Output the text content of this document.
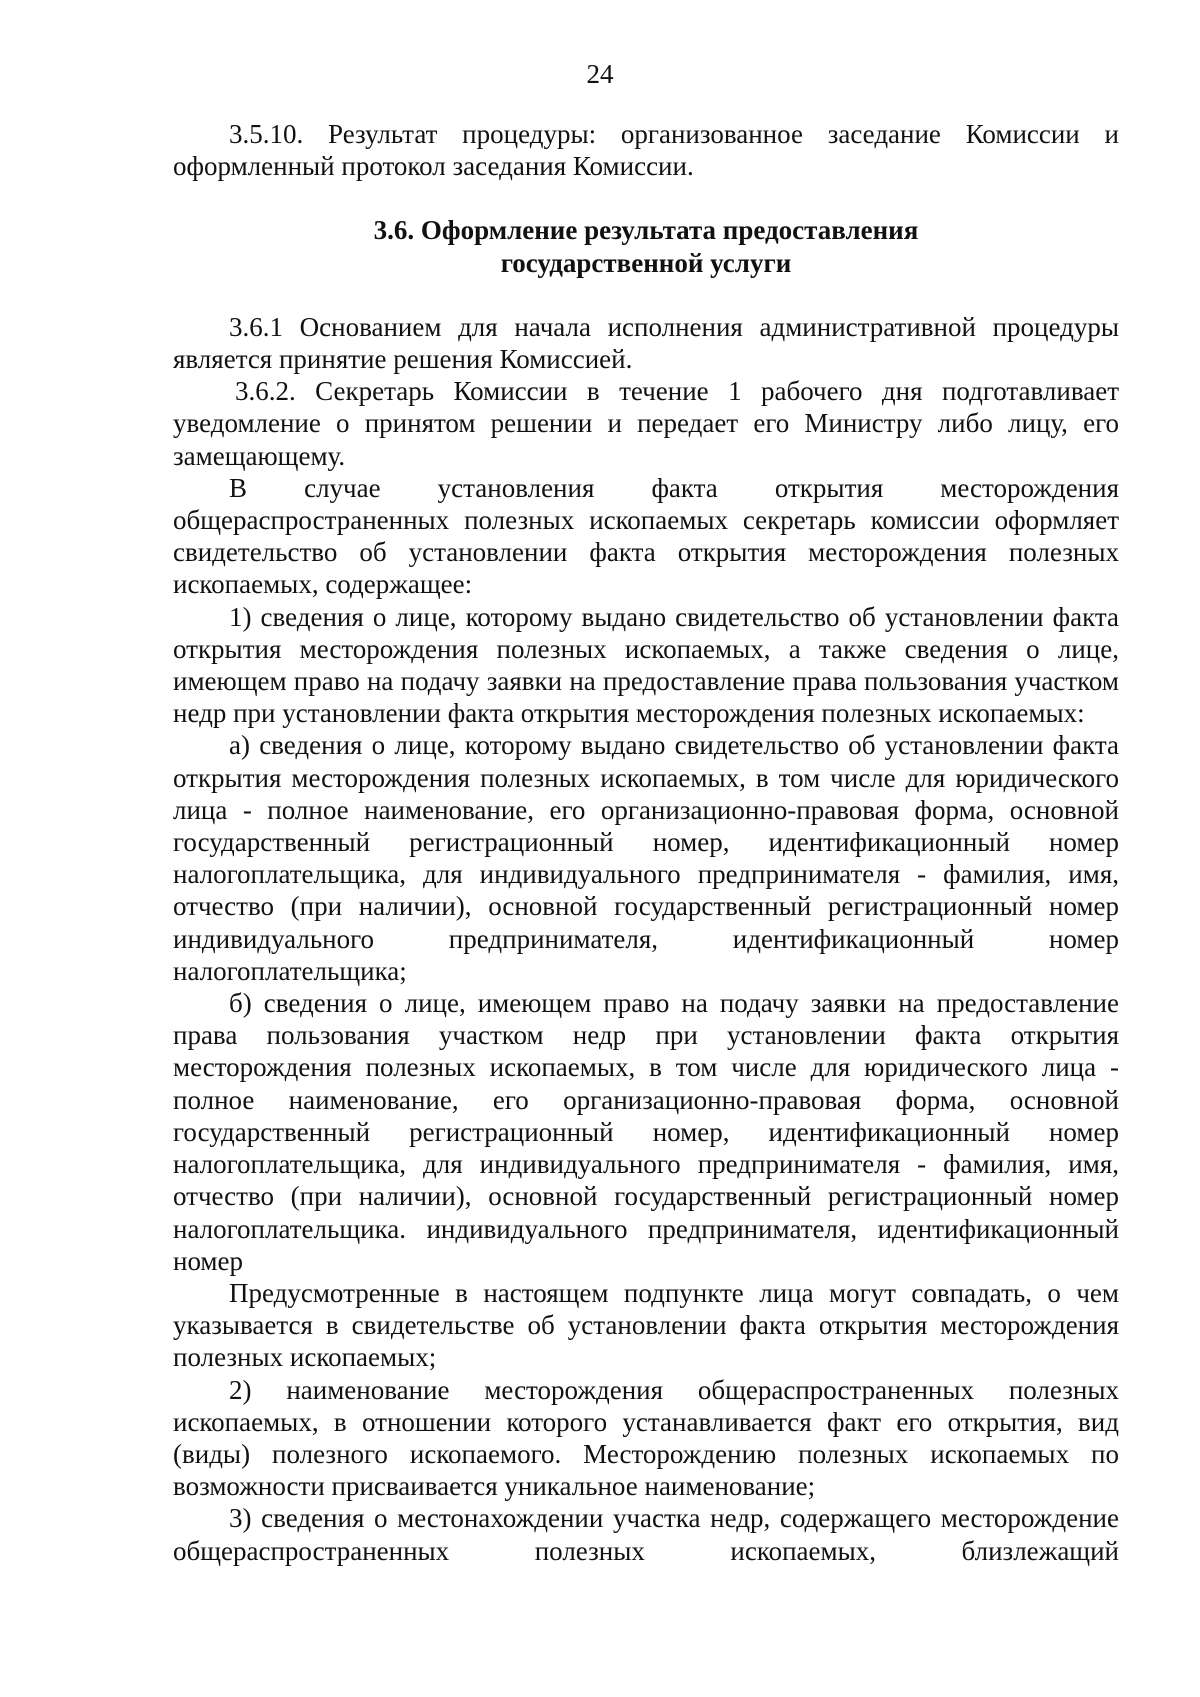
24

3.5.10. Результат процедуры: организованное заседание Комиссии и оформленный протокол заседания Комиссии.

3.6. Оформление результата предоставления
государственной услуги

3.6.1 Основанием для начала исполнения административной процедуры является принятие решения Комиссией.

3.6.2. Секретарь Комиссии в течение 1 рабочего дня подготавливает уведомление о принятом решении и передает его Министру либо лицу, его замещающему.

В случае установления факта открытия месторождения общераспространенных полезных ископаемых секретарь комиссии оформляет свидетельство об установлении факта открытия месторождения полезных ископаемых, содержащее:

1) сведения о лице, которому выдано свидетельство об установлении факта открытия месторождения полезных ископаемых, а также сведения о лице, имеющем право на подачу заявки на предоставление права пользования участком недр при установлении факта открытия месторождения полезных ископаемых:

а) сведения о лице, которому выдано свидетельство об установлении факта открытия месторождения полезных ископаемых, в том числе для юридического лица - полное наименование, его организационно-правовая форма, основной государственный регистрационный номер, идентификационный номер налогоплательщика, для индивидуального предпринимателя - фамилия, имя, отчество (при наличии), основной государственный регистрационный номер индивидуального предпринимателя, идентификационный номер налогоплательщика;

б) сведения о лице, имеющем право на подачу заявки на предоставление права пользования участком недр при установлении факта открытия месторождения полезных ископаемых, в том числе для юридического лица - полное наименование, его организационно-правовая форма, основной государственный регистрационный номер, идентификационный номер налогоплательщика, для индивидуального предпринимателя - фамилия, имя, отчество (при наличии), основной государственный регистрационный номер налогоплательщика. индивидуального предпринимателя, идентификационный номер

Предусмотренные в настоящем подпункте лица могут совпадать, о чем указывается в свидетельстве об установлении факта открытия месторождения полезных ископаемых;

2) наименование месторождения общераспространенных полезных ископаемых, в отношении которого устанавливается факт его открытия, вид (виды) полезного ископаемого. Месторождению полезных ископаемых по возможности присваивается уникальное наименование;

3) сведения о местонахождении участка недр, содержащего месторождение общераспространенных полезных ископаемых, близлежащий
